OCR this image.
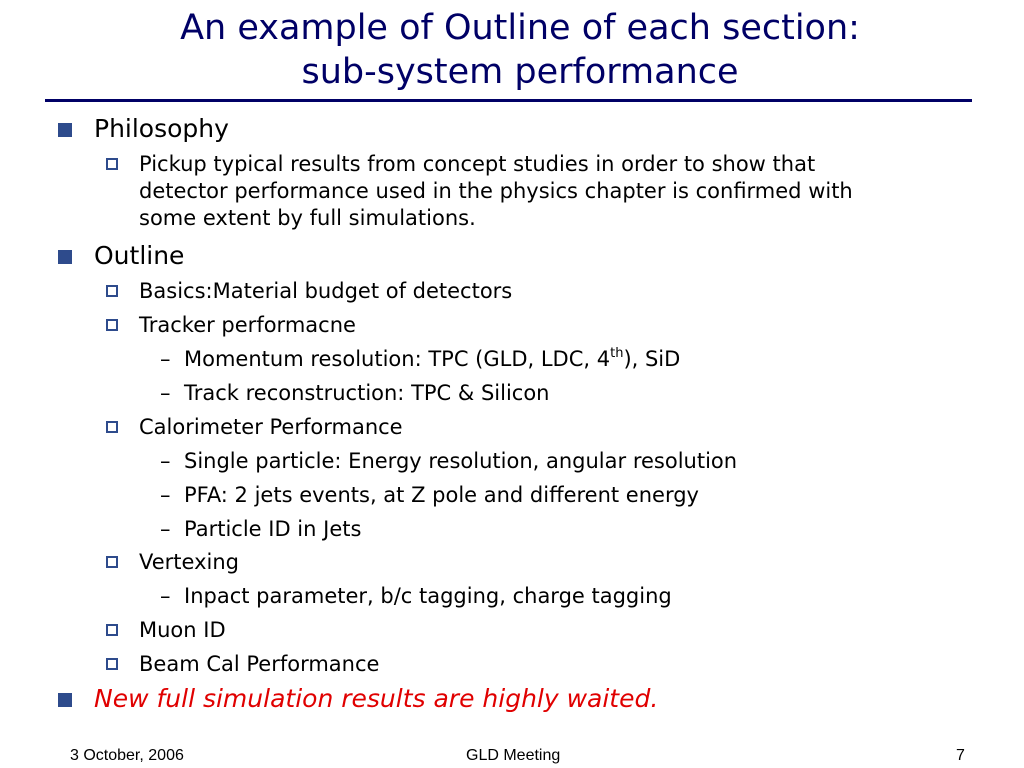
An example of Outline of each section:
sub-system performance
Philosophy
Pickup typical results from concept studies in order to show that
detector performance used in the physics chapter is confirmed with
some extent by full simulations.
Outline
Basics:Material budget of detectors
Tracker performacne
– Momentum resolution: TPC (GLD, LDC, 4th), SiD
– Track reconstruction: TPC & Silicon
Calorimeter Performance
– Single particle: Energy resolution, angular resolution
– PFA: 2 jets events, at Z pole and different energy
– Particle ID in Jets
Vertexing
– Inpact parameter, b/c tagging, charge tagging
Muon ID
Beam Cal Performance
New full simulation results are highly waited.
3 October, 2006	GLD Meeting	7
